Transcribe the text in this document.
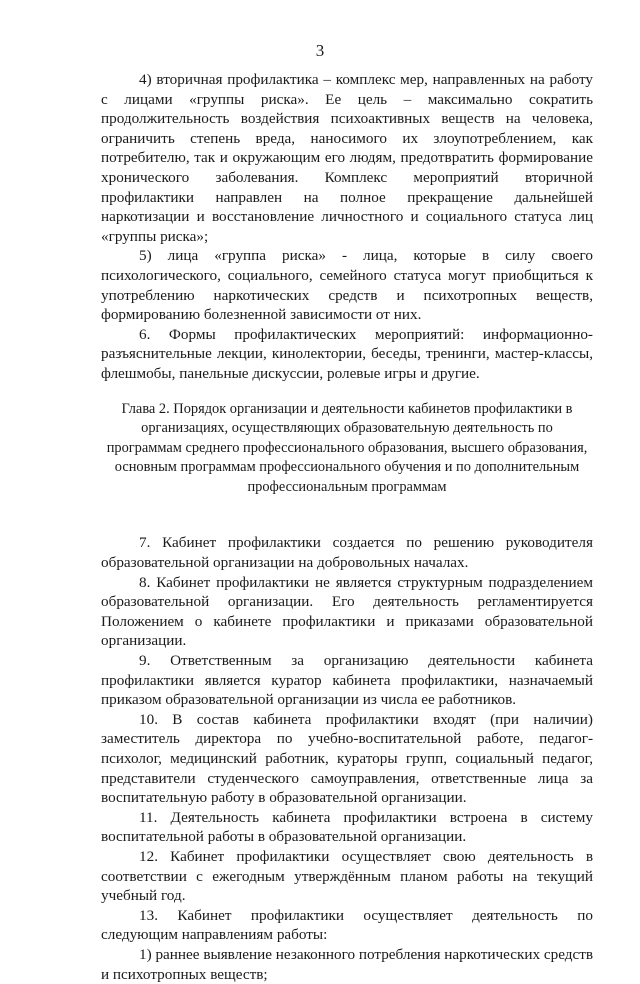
3

4) вторичная профилактика – комплекс мер, направленных на работу с лицами «группы риска». Ее цель – максимально сократить продолжительность воздействия психоактивных веществ на человека, ограничить степень вреда, наносимого их злоупотреблением, как потребителю, так и окружающим его людям, предотвратить формирование хронического заболевания. Комплекс мероприятий вторичной профилактики направлен на полное прекращение дальнейшей наркотизации и восстановление личностного и социального статуса лиц «группы риска»;

5) лица «группа риска» - лица, которые в силу своего психологического, социального, семейного статуса могут приобщиться к употреблению наркотических средств и психотропных веществ, формированию болезненной зависимости от них.

6. Формы профилактических мероприятий: информационно-разъяснительные лекции, кинолектории, беседы, тренинги, мастер-классы, флешмобы, панельные дискуссии, ролевые игры и другие.

Глава 2. Порядок организации и деятельности кабинетов профилактики в организациях, осуществляющих образовательную деятельность по программам среднего профессионального образования, высшего образования, основным программам профессионального обучения и по дополнительным профессиональным программам

7. Кабинет профилактики создается по решению руководителя образовательной организации на добровольных началах.

8. Кабинет профилактики не является структурным подразделением образовательной организации. Его деятельность регламентируется Положением о кабинете профилактики и приказами образовательной организации.

9. Ответственным за организацию деятельности кабинета профилактики является куратор кабинета профилактики, назначаемый приказом образовательной организации из числа ее работников.

10. В состав кабинета профилактики входят (при наличии) заместитель директора по учебно-воспитательной работе, педагог-психолог, медицинский работник, кураторы групп, социальный педагог, представители студенческого самоуправления, ответственные лица за воспитательную работу в образовательной организации.

11. Деятельность кабинета профилактики встроена в систему воспитательной работы в образовательной организации.

12. Кабинет профилактики осуществляет свою деятельность в соответствии с ежегодным утверждённым планом работы на текущий учебный год.

13. Кабинет профилактики осуществляет деятельность по следующим направлениям работы:

1) раннее выявление незаконного потребления наркотических средств и психотропных веществ;
